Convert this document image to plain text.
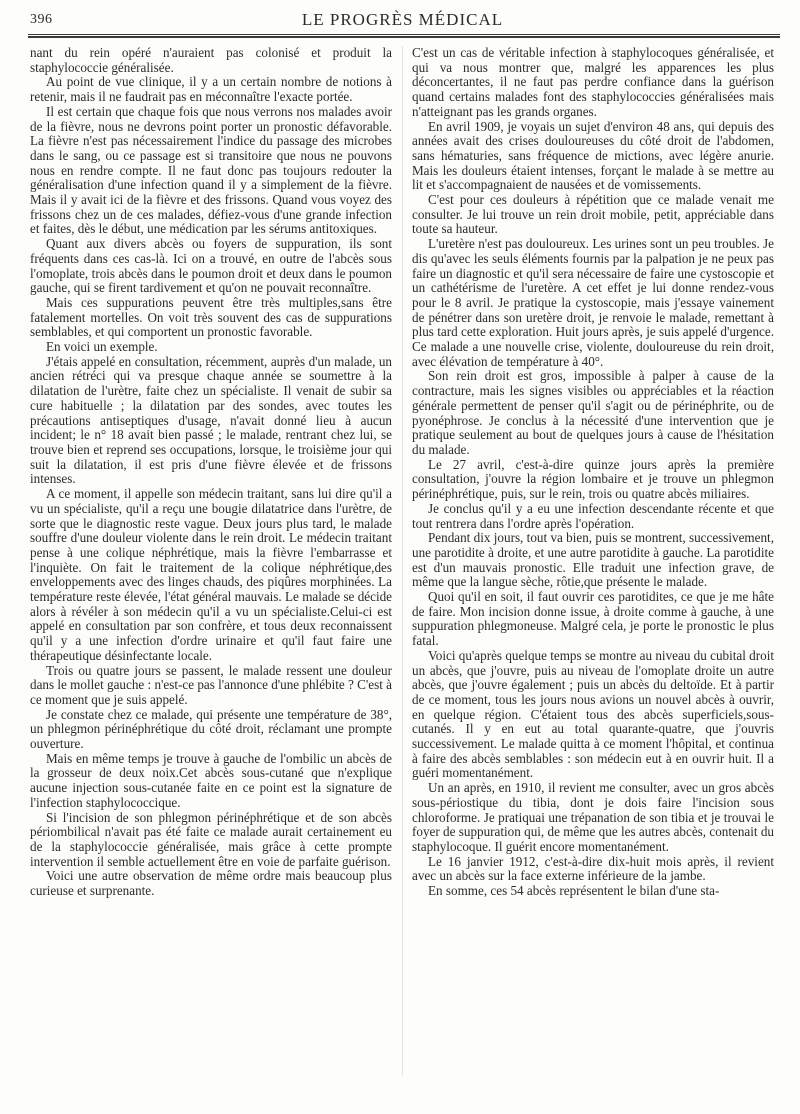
396	LE PROGRÈS MÉDICAL

nant du rein opéré n'auraient pas colonisé et produit la staphylococcie généralisée.

Au point de vue clinique, il y a un certain nombre de notions à retenir, mais il ne faudrait pas en méconnaître l'exacte portée.

Il est certain que chaque fois que nous verrons nos malades avoir de la fièvre, nous ne devrons point porter un pronostic défavorable. La fièvre n'est pas nécessairement l'indice du passage des microbes dans le sang, ou ce passage est si transitoire que nous ne pouvons nous en rendre compte. Il ne faut donc pas toujours redouter la généralisation d'une infection quand il y a simplement de la fièvre. Mais il y avait ici de la fièvre et des frissons. Quand vous voyez des frissons chez un de ces malades, défiez-vous d'une grande infection et faites, dès le début, une médication par les sérums antitoxiques.

Quant aux divers abcès ou foyers de suppuration, ils sont fréquents dans ces cas-là. Ici on a trouvé, en outre de l'abcès sous l'omoplate, trois abcès dans le poumon droit et deux dans le poumon gauche, qui se firent tardivement et qu'on ne pouvait reconnaître.

Mais ces suppurations peuvent être très multiples,sans être fatalement mortelles. On voit très souvent des cas de suppurations semblables, et qui comportent un pronostic favorable.

En voici un exemple.

J'étais appelé en consultation, récemment, auprès d'un malade, un ancien rétréci qui va presque chaque année se soumettre à la dilatation de l'urètre, faite chez un spécialiste. Il venait de subir sa cure habituelle ; la dilatation par des sondes, avec toutes les précautions antiseptiques d'usage, n'avait donné lieu à aucun incident; le n° 18 avait bien passé ; le malade, rentrant chez lui, se trouve bien et reprend ses occupations, lorsque, le troisième jour qui suit la dilatation, il est pris d'une fièvre élevée et de frissons intenses.

A ce moment, il appelle son médecin traitant, sans lui dire qu'il a vu un spécialiste, qu'il a reçu une bougie dilatatrice dans l'urètre, de sorte que le diagnostic reste vague. Deux jours plus tard, le malade souffre d'une douleur violente dans le rein droit. Le médecin traitant pense à une colique néphrétique, mais la fièvre l'embarrasse et l'inquiète. On fait le traitement de la colique néphrétique,des enveloppements avec des linges chauds, des piqûres morphinées. La température reste élevée, l'état général mauvais. Le malade se décide alors à révéler à son médecin qu'il a vu un spécialiste.Celui-ci est appelé en consultation par son confrère, et tous deux reconnaissent qu'il y a une infection d'ordre urinaire et qu'il faut faire une thérapeutique désinfectante locale.

Trois ou quatre jours se passent, le malade ressent une douleur dans le mollet gauche : n'est-ce pas l'annonce d'une phlébite ? C'est à ce moment que je suis appelé.

Je constate chez ce malade, qui présente une température de 38°, un phlegmon périnéphrétique du côté droit, réclamant une prompte ouverture.

Mais en même temps je trouve à gauche de l'ombilic un abcès de la grosseur de deux noix.Cet abcès sous-cutané que n'explique aucune injection sous-cutanée faite en ce point est la signature de l'infection staphylococcique.

Si l'incision de son phlegmon périnéphrétique et de son abcès périombilical n'avait pas été faite ce malade aurait certainement eu de la staphylococcie généralisée, mais grâce à cette prompte intervention il semble actuellement être en voie de parfaite guérison.

Voici une autre observation de même ordre mais beaucoup plus curieuse et surprenante.

C'est un cas de véritable infection à staphylocoques généralisée, et qui va nous montrer que, malgré les apparences les plus déconcertantes, il ne faut pas perdre confiance dans la guérison quand certains malades font des staphylococcies généralisées mais n'atteignant pas les grands organes.

En avril 1909, je voyais un sujet d'environ 48 ans, qui depuis des années avait des crises douloureuses du côté droit de l'abdomen, sans hématuries, sans fréquence de mictions, avec légère anurie. Mais les douleurs étaient intenses, forçant le malade à se mettre au lit et s'accompagnaient de nausées et de vomissements.

C'est pour ces douleurs à répétition que ce malade venait me consulter. Je lui trouve un rein droit mobile, petit, appréciable dans toute sa hauteur.

L'uretère n'est pas douloureux. Les urines sont un peu troubles. Je dis qu'avec les seuls éléments fournis par la palpation je ne peux pas faire un diagnostic et qu'il sera nécessaire de faire une cystoscopie et un cathétérisme de l'uretère. A cet effet je lui donne rendez-vous pour le 8 avril. Je pratique la cystoscopie, mais j'essaye vainement de pénétrer dans son uretère droit, je renvoie le malade, remettant à plus tard cette exploration. Huit jours après, je suis appelé d'urgence. Ce malade a une nouvelle crise, violente, douloureuse du rein droit, avec élévation de température à 40°.

Son rein droit est gros, impossible à palper à cause de la contracture, mais les signes visibles ou appréciables et la réaction générale permettent de penser qu'il s'agit ou de périnéphrite, ou de pyonéphrose. Je conclus à la nécessité d'une intervention que je pratique seulement au bout de quelques jours à cause de l'hésitation du malade.

Le 27 avril, c'est-à-dire quinze jours après la première consultation, j'ouvre la région lombaire et je trouve un phlegmon périnéphrétique, puis, sur le rein, trois ou quatre abcès miliaires.

Je conclus qu'il y a eu une infection descendante récente et que tout rentrera dans l'ordre après l'opération.

Pendant dix jours, tout va bien, puis se montrent, successivement, une parotidite à droite, et une autre parotidite à gauche. La parotidite est d'un mauvais pronostic. Elle traduit une infection grave, de même que la langue sèche, rôtie,que présente le malade.

Quoi qu'il en soit, il faut ouvrir ces parotidites, ce que je me hâte de faire. Mon incision donne issue, à droite comme à gauche, à une suppuration phlegmoneuse. Malgré cela, je porte le pronostic le plus fatal.

Voici qu'après quelque temps se montre au niveau du cubital droit un abcès, que j'ouvre, puis au niveau de l'omoplate droite un autre abcès, que j'ouvre également ; puis un abcès du deltoïde. Et à partir de ce moment, tous les jours nous avions un nouvel abcès à ouvrir, en quelque région. C'étaient tous des abcès superficiels,sous-cutanés. Il y en eut au total quarante-quatre, que j'ouvris successivement. Le malade quitta à ce moment l'hôpital, et continua à faire des abcès semblables : son médecin eut à en ouvrir huit. Il a guéri momentanément.

Un an après, en 1910, il revient me consulter, avec un gros abcès sous-périostique du tibia, dont je dois faire l'incision sous chloroforme. Je pratiquai une trépanation de son tibia et je trouvai le foyer de suppuration qui, de même que les autres abcès, contenait du staphylocoque. Il guérit encore momentanément.

Le 16 janvier 1912, c'est-à-dire dix-huit mois après, il revient avec un abcès sur la face externe inférieure de la jambe.

En somme, ces 54 abcès représentent le bilan d'une sta-
